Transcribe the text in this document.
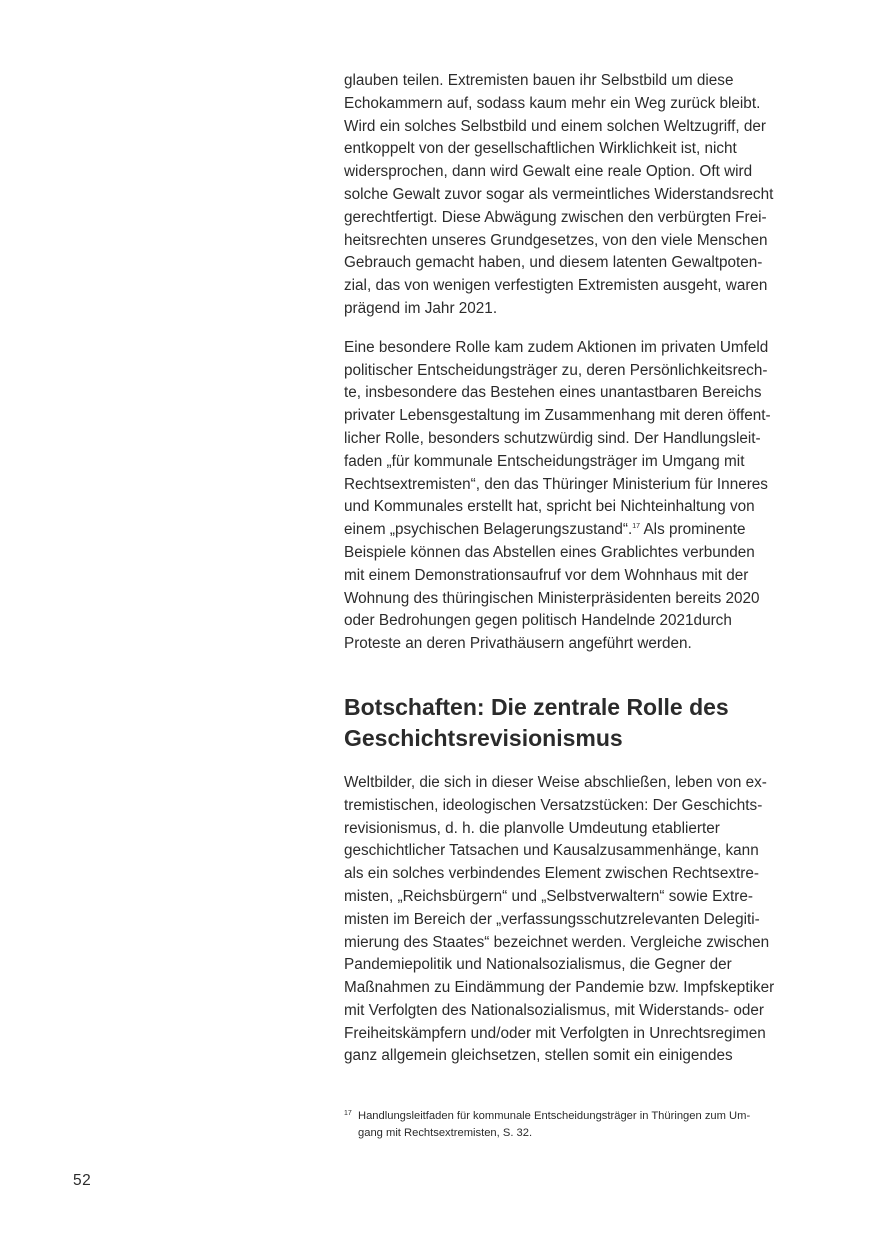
glauben teilen. Extremisten bauen ihr Selbstbild um diese
Echokammern auf, sodass kaum mehr ein Weg zurück bleibt.
Wird ein solches Selbstbild und einem solchen Weltzugriff, der
entkoppelt von der gesellschaftlichen Wirklichkeit ist, nicht
widersprochen, dann wird Gewalt eine reale Option. Oft wird
solche Gewalt zuvor sogar als vermeintliches Widerstandsrecht
gerechtfertigt. Diese Abwägung zwischen den verbürgten Frei-
heitsrechten unseres Grundgesetzes, von den viele Menschen
Gebrauch gemacht haben, und diesem latenten Gewaltpoten-
zial, das von wenigen verfestigten Extremisten ausgeht, waren
prägend im Jahr 2021.

Eine besondere Rolle kam zudem Aktionen im privaten Umfeld
politischer Entscheidungsträger zu, deren Persönlichkeitsrech-
te, insbesondere das Bestehen eines unantastbaren Bereichs
privater Lebensgestaltung im Zusammenhang mit deren öffent-
licher Rolle, besonders schutzwürdig sind. Der Handlungsleit-
faden „für kommunale Entscheidungsträger im Umgang mit
Rechtsextremisten“, den das Thüringer Ministerium für Inneres
und Kommunales erstellt hat, spricht bei Nichteinhaltung von
einem „psychischen Belagerungszustand“.$^{17}$ Als prominente
Beispiele können das Abstellen eines Grablichtes verbunden
mit einem Demonstrationsaufruf vor dem Wohnhaus mit der
Wohnung des thüringischen Ministerpräsidenten bereits 2020
oder Bedrohungen gegen politisch Handelnde 2021durch
Proteste an deren Privathäusern angeführt werden.

Botschaften: Die zentrale Rolle des
Geschichtsrevisionismus

Weltbilder, die sich in dieser Weise abschließen, leben von ex-
tremistischen, ideologischen Versatzstücken: Der Geschichts-
revisionismus, d. h. die planvolle Umdeutung etablierter
geschichtlicher Tatsachen und Kausalzusammenhänge, kann
als ein solches verbindendes Element zwischen Rechtsextre-
misten, „Reichsbürgern“ und „Selbstverwaltern“ sowie Extre-
misten im Bereich der „verfassungsschutzrelevanten Delegiti-
mierung des Staates“ bezeichnet werden. Vergleiche zwischen
Pandemiepolitik und Nationalsozialismus, die Gegner der
Maßnahmen zu Eindämmung der Pandemie bzw. Impfskeptiker
mit Verfolgten des Nationalsozialismus, mit Widerstands- oder
Freiheitskämpfern und/oder mit Verfolgten in Unrechtsregimen
ganz allgemein gleichsetzen, stellen somit ein einigendes

17 Handlungsleitfaden für kommunale Entscheidungsträger in Thüringen zum Um-
gang mit Rechtsextremisten, S. 32.
52
